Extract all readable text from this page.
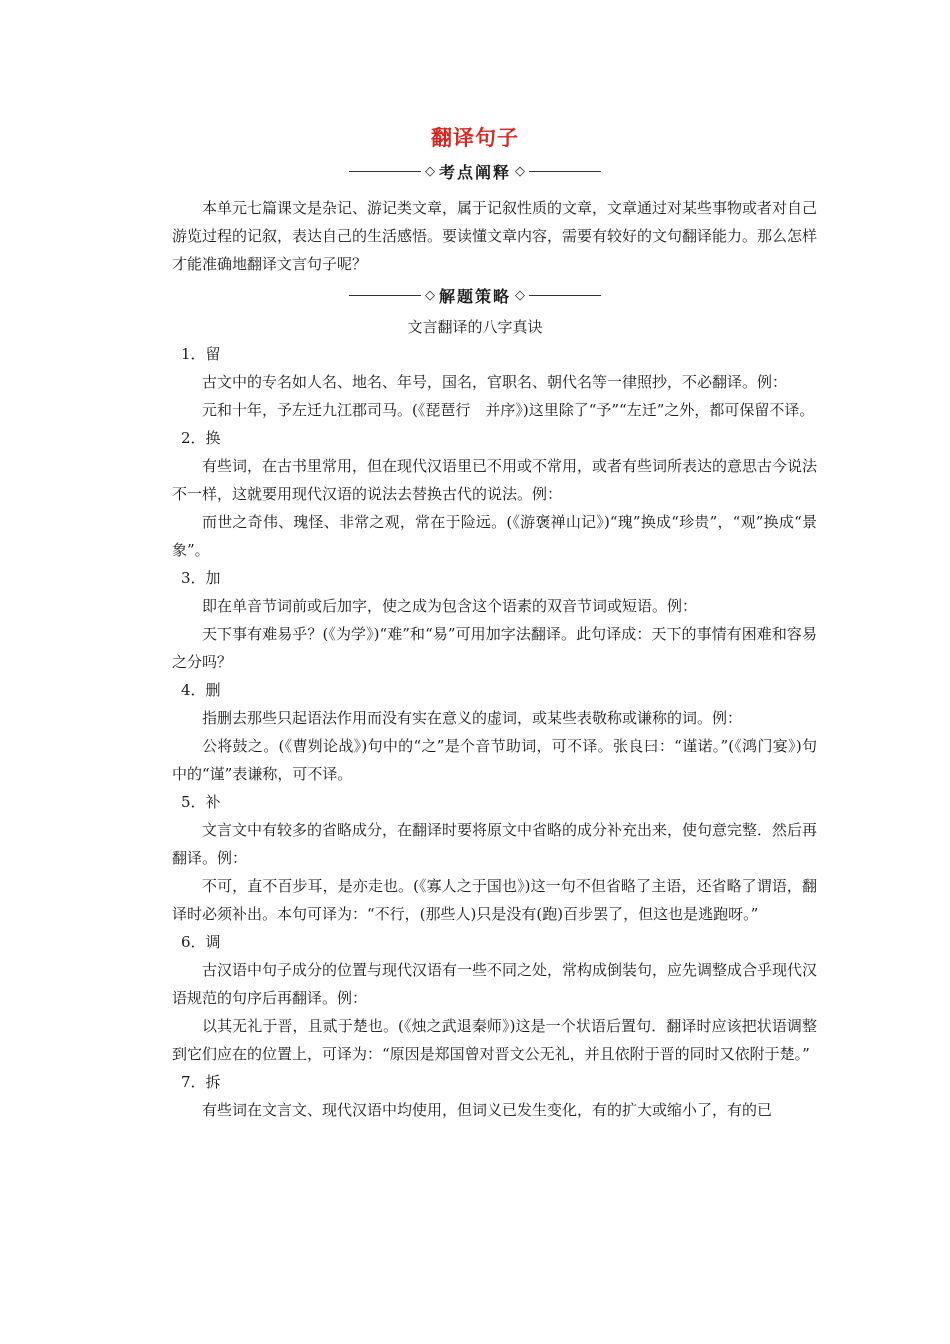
翻译句子
◇ 考点阐释 ◇

本单元七篇课文是杂记、游记类文章，属于记叙性质的文章，文章通过对某些事物或者对自己游览过程的记叙，表达自己的生活感悟。要读懂文章内容，需要有较好的文句翻译能力。那么怎样才能准确地翻译文言句子呢？

◇ 解题策略 ◇
文言翻译的八字真诀

1．留

古文中的专名如人名、地名、年号，国名，官职名、朝代名等一律照抄，不必翻译。例：

元和十年，予左迁九江郡司马。(《琵琶行　并序》)这里除了“予”“左迁”之外，都可保留不译。

2．换

有些词，在古书里常用，但在现代汉语里已不用或不常用，或者有些词所表达的意思古今说法不一样，这就要用现代汉语的说法去替换古代的说法。例：

而世之奇伟、瑰怪、非常之观，常在于险远。(《游褒禅山记》)“瑰”换成“珍贵”，“观”换成“景象”。

3．加

即在单音节词前或后加字，使之成为包含这个语素的双音节词或短语。例：

天下事有难易乎？(《为学》)“难”和“易”可用加字法翻译。此句译成：天下的事情有困难和容易之分吗？

4．删

指删去那些只起语法作用而没有实在意义的虚词，或某些表敬称或谦称的词。例：

公将鼓之。(《曹刿论战》)句中的“之”是个音节助词，可不译。张良曰：“谨诺。”(《鸿门宴》)句中的“谨”表谦称，可不译。

5．补

文言文中有较多的省略成分，在翻译时要将原文中省略的成分补充出来，使句意完整．然后再翻译。例：

不可，直不百步耳，是亦走也。(《寡人之于国也》)这一句不但省略了主语，还省略了谓语，翻译时必须补出。本句可译为：“不行，(那些人)只是没有(跑)百步罢了，但这也是逃跑呀。”

6．调

古汉语中句子成分的位置与现代汉语有一些不同之处，常构成倒装句，应先调整成合乎现代汉语规范的句序后再翻译。例：

以其无礼于晋，且贰于楚也。(《烛之武退秦师》)这是一个状语后置句．翻译时应该把状语调整到它们应在的位置上，可译为：“原因是郑国曾对晋文公无礼，并且依附于晋的同时又依附于楚。”

7．拆

有些词在文言文、现代汉语中均使用，但词义已发生变化，有的扩大或缩小了，有的已
